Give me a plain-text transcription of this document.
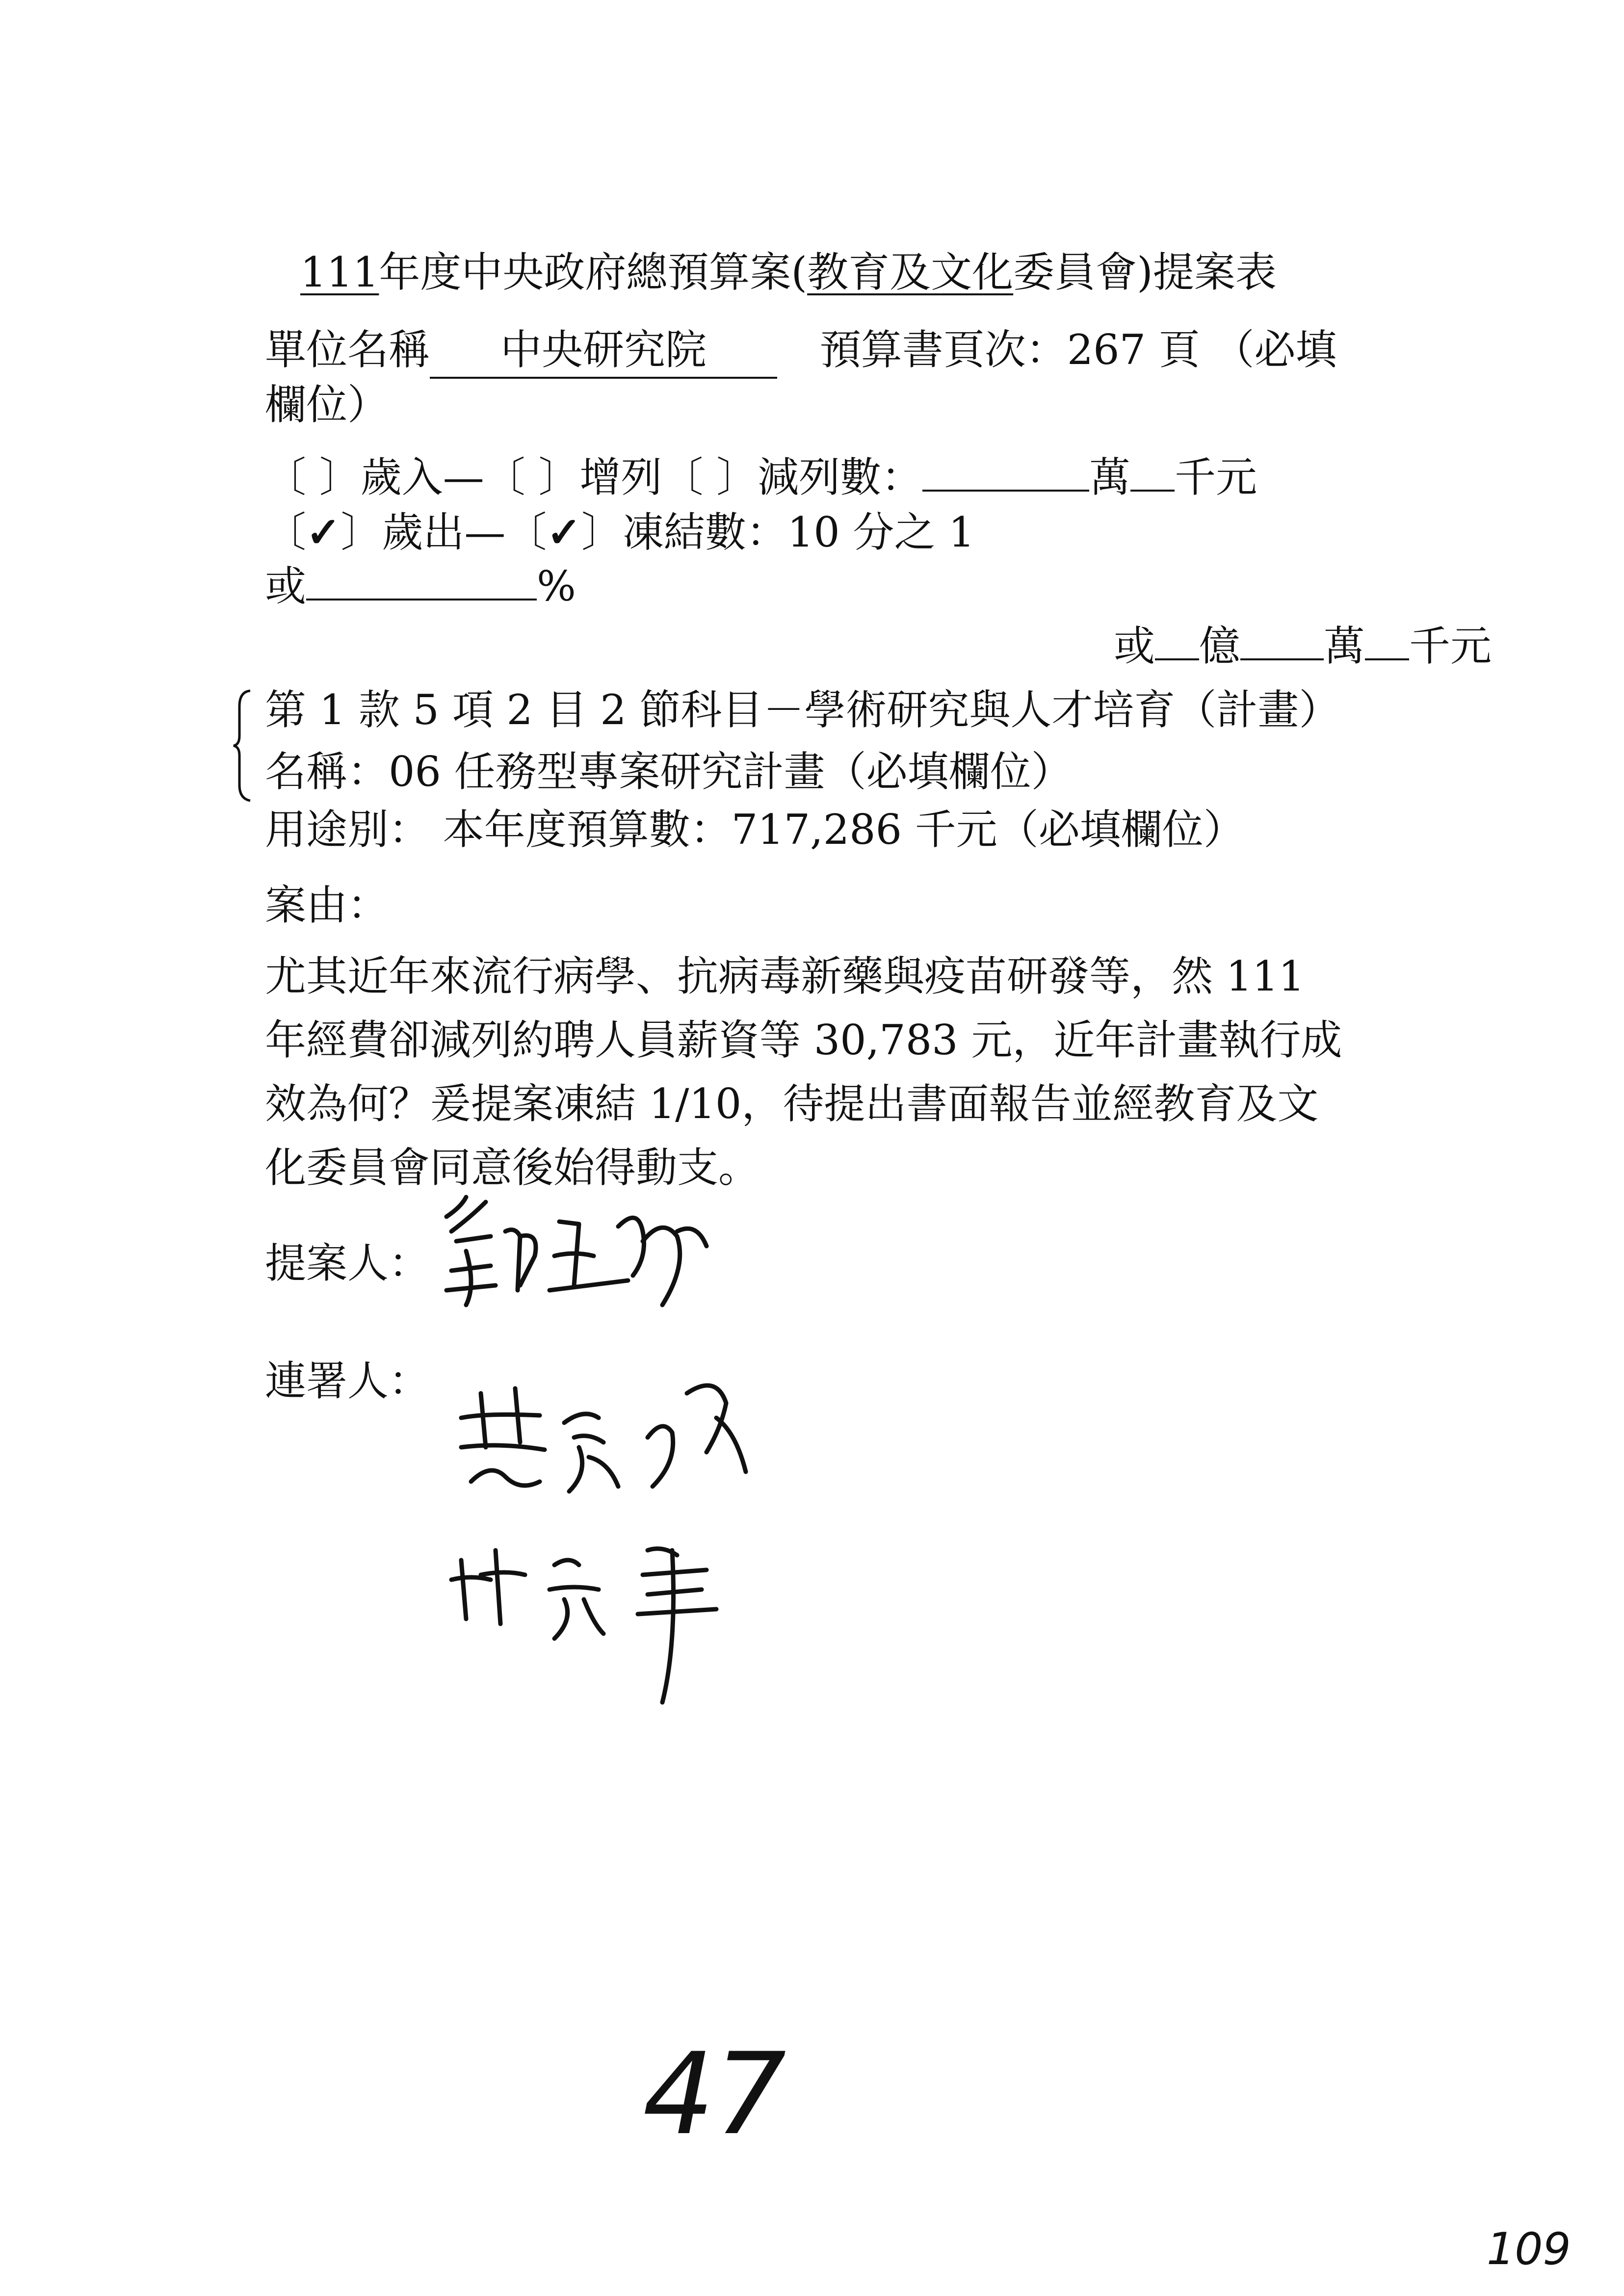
111年度中央政府總預算案(教育及文化委員會)提案表
單位名稱 中央研究院	預算書頁次：267 頁 （必填
欄位）
〔 〕歲入—〔 〕增列〔 〕減列數：	萬 千元
〔✓〕歲出—〔✓〕凍結數：10 分之 1
或	%
或 億 萬 千元
第 1 款 5 項 2 目 2 節科目－學術研究與人才培育（計畫）
名稱：06 任務型專案研究計畫（必填欄位）
用途別： 本年度預算數：717,286 千元（必填欄位）
案由：
尤其近年來流行病學、抗病毒新藥與疫苗研發等，然 111
年經費卻減列約聘人員薪資等 30,783 元，近年計畫執行成
效為何？爰提案凍結 1/10，待提出書面報告並經教育及文
化委員會同意後始得動支。
提案人：
連署人：
47
109
